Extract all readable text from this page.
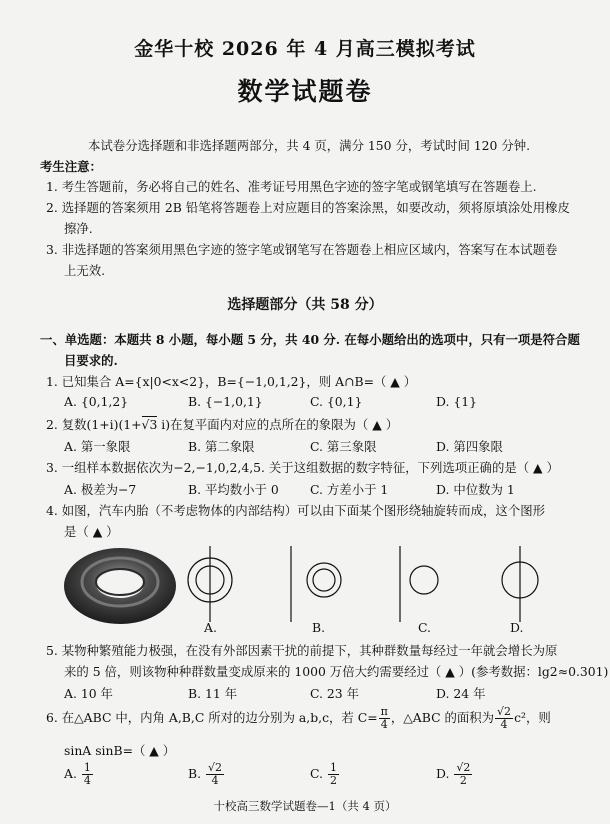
金华十校 2026 年 4 月高三模拟考试
数学试题卷
本试卷分选择题和非选择题两部分，共 4 页，满分 150 分，考试时间 120 分钟.
考生注意：
1. 考生答题前，务必将自己的姓名、准考证号用黑色字迹的签字笔或钢笔填写在答题卷上.
2. 选择题的答案须用 2B 铅笔将答题卷上对应题目的答案涂黑，如要改动，须将原填涂处用橡皮
擦净.
3. 非选择题的答案须用黑色字迹的签字笔或钢笔写在答题卷上相应区域内，答案写在本试题卷
上无效.
选择题部分（共 58 分）
一、单选题：本题共 8 小题，每小题 5 分，共 40 分. 在每小题给出的选项中，只有一项是符合题
目要求的.
1. 已知集合 A={x|0<x<2}，B={−1,0,1,2}，则 A∩B=（ ▲ ）
A. {0,1,2}	B. {−1,0,1}	C. {0,1}	D. {1}
2. 复数(1+i)(1+√3 i)在复平面内对应的点所在的象限为（ ▲ ）
A. 第一象限	B. 第二象限	C. 第三象限	D. 第四象限
3. 一组样本数据依次为−2,−1,0,2,4,5. 关于这组数据的数字特征，下列选项正确的是（ ▲ ）
A. 极差为−7	B. 平均数小于 0	C. 方差小于 1	D. 中位数为 1
4. 如图，汽车内胎（不考虑物体的内部结构）可以由下面某个图形绕轴旋转而成，这个图形
是（ ▲ ）
A.	B.	C.	D.
5. 某物种繁殖能力极强，在没有外部因素干扰的前提下，其种群数量每经过一年就会增长为原
来的 5 倍，则该物种种群数量变成原来的 1000 万倍大约需要经过（ ▲ ）(参考数据：lg2≈0.301)
A. 10 年	B. 11 年	C. 23 年	D. 24 年
6. 在△ABC 中，内角 A,B,C 所对的边分别为 a,b,c，若 $C= \frac{\pi}{4}$ ，△ABC 的面积为 $\frac{√2}{4} c^2$，则
sinA sinB=（ ▲ ）
A. $\frac{1}{4}$	B. $\frac{√2}{4}$	C. $\frac{1}{2}$	D. $\frac{√2}{2}$
十校高三数学试题卷—1（共 4 页）
